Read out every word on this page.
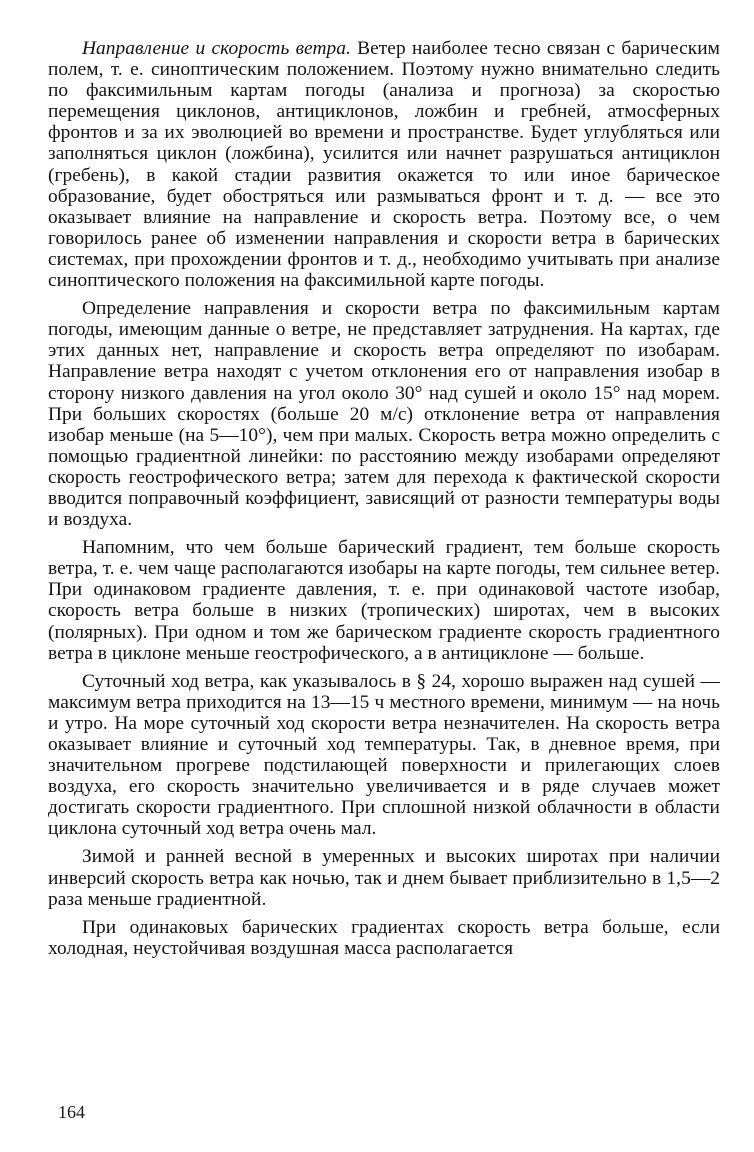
Направление и скорость ветра. Ветер наиболее тесно связан с барическим полем, т. е. синоптическим положением. Поэтому нужно внимательно следить по факсимильным картам погоды (анализа и прогноза) за скоростью перемещения циклонов, антициклонов, ложбин и гребней, атмосферных фронтов и за их эволюцией во времени и пространстве. Будет углубляться или заполняться циклон (ложбина), усилится или начнет разрушаться антициклон (гребень), в какой стадии развития окажется то или иное барическое образование, будет обостряться или размываться фронт и т. д. — все это оказывает влияние на направление и скорость ветра. Поэтому все, о чем говорилось ранее об изменении направления и скорости ветра в барических системах, при прохождении фронтов и т. д., необходимо учитывать при анализе синоптического положения на факсимильной карте погоды.

Определение направления и скорости ветра по факсимильным картам погоды, имеющим данные о ветре, не представляет затруднения. На картах, где этих данных нет, направление и скорость ветра определяют по изобарам. Направление ветра находят с учетом отклонения его от направления изобар в сторону низкого давления на угол около 30° над сушей и около 15° над морем. При больших скоростях (больше 20 м/с) отклонение ветра от направления изобар меньше (на 5—10°), чем при малых. Скорость ветра можно определить с помощью градиентной линейки: по расстоянию между изобарами определяют скорость геострофического ветра; затем для перехода к фактической скорости вводится поправочный коэффициент, зависящий от разности температуры воды и воздуха.

Напомним, что чем больше барический градиент, тем больше скорость ветра, т. е. чем чаще располагаются изобары на карте погоды, тем сильнее ветер. При одинаковом градиенте давления, т. е. при одинаковой частоте изобар, скорость ветра больше в низких (тропических) широтах, чем в высоких (полярных). При одном и том же барическом градиенте скорость градиентного ветра в циклоне меньше геострофического, а в антициклоне — больше.

Суточный ход ветра, как указывалось в § 24, хорошо выражен над сушей — максимум ветра приходится на 13—15 ч местного времени, минимум — на ночь и утро. На море суточный ход скорости ветра незначителен. На скорость ветра оказывает влияние и суточный ход температуры. Так, в дневное время, при значительном прогреве подстилающей поверхности и прилегающих слоев воздуха, его скорость значительно увеличивается и в ряде случаев может достигать скорости градиентного. При сплошной низкой облачности в области циклона суточный ход ветра очень мал.

Зимой и ранней весной в умеренных и высоких широтах при наличии инверсий скорость ветра как ночью, так и днем бывает приблизительно в 1,5—2 раза меньше градиентной.

При одинаковых барических градиентах скорость ветра больше, если холодная, неустойчивая воздушная масса располагается

164
